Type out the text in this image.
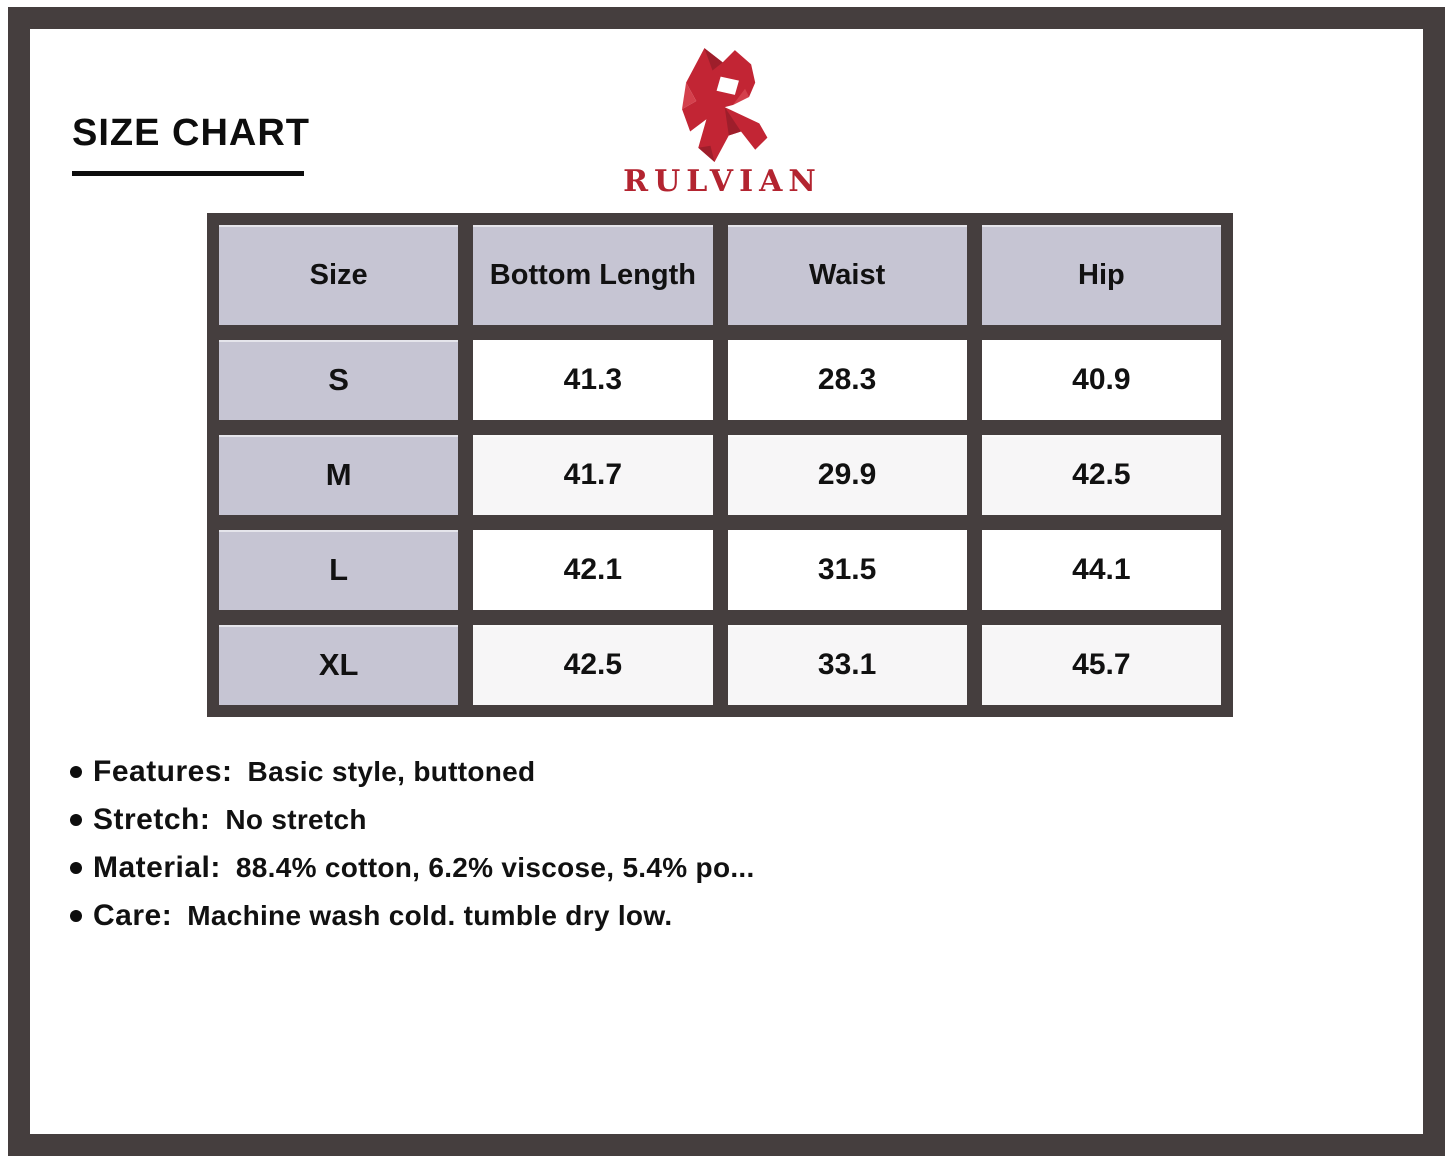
SIZE CHART
RULVIAN
Size	Bottom Length	Waist	Hip
S	41.3	28.3	40.9
M	41.7	29.9	42.5
L	42.1	31.5	44.1
XL	42.5	33.1	45.7
Features: Basic style, buttoned
Stretch: No stretch
Material: 88.4% cotton, 6.2% viscose, 5.4% po...
Care: Machine wash cold. tumble dry low.
